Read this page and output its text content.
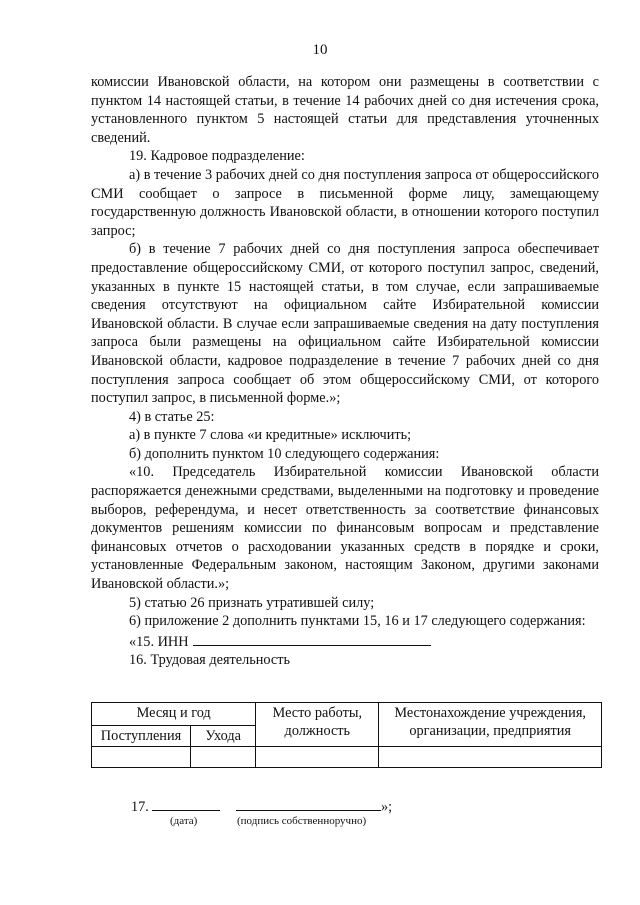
10

комиссии Ивановской области, на котором они размещены в соответствии с пунктом 14 настоящей статьи, в течение 14 рабочих дней со дня истечения срока, установленного пунктом 5 настоящей статьи для представления уточненных сведений.

19. Кадровое подразделение:

а) в течение 3 рабочих дней со дня поступления запроса от общероссийского СМИ сообщает о запросе в письменной форме лицу, замещающему государственную должность Ивановской области, в отношении которого поступил запрос;

б) в течение 7 рабочих дней со дня поступления запроса обеспечивает предоставление общероссийскому СМИ, от которого поступил запрос, сведений, указанных в пункте 15 настоящей статьи, в том случае, если запрашиваемые сведения отсутствуют на официальном сайте Избирательной комиссии Ивановской области. В случае если запрашиваемые сведения на дату поступления запроса были размещены на официальном сайте Избирательной комиссии Ивановской области, кадровое подразделение в течение 7 рабочих дней со дня поступления запроса сообщает об этом общероссийскому СМИ, от которого поступил запрос, в письменной форме.»;

4) в статье 25:

а) в пункте 7 слова «и кредитные» исключить;

б) дополнить пунктом 10 следующего содержания:

«10. Председатель Избирательной комиссии Ивановской области распоряжается денежными средствами, выделенными на подготовку и проведение выборов, референдума, и несет ответственность за соответствие финансовых документов решениям комиссии по финансовым вопросам и представление финансовых отчетов о расходовании указанных средств в порядке и сроки, установленные Федеральным законом, настоящим Законом, другими законами Ивановской области.»;

5) статью 26 признать утратившей силу;

6) приложение 2 дополнить пунктами 15, 16 и 17 следующего содержания:

«15. ИНН

16. Трудовая деятельность

Месяц и год		Место работы, должность	Местонахождение учреждения, организации, предприятия
Поступления	Ухода		

17.	»;
(дата)	(подпись собственноручно)
